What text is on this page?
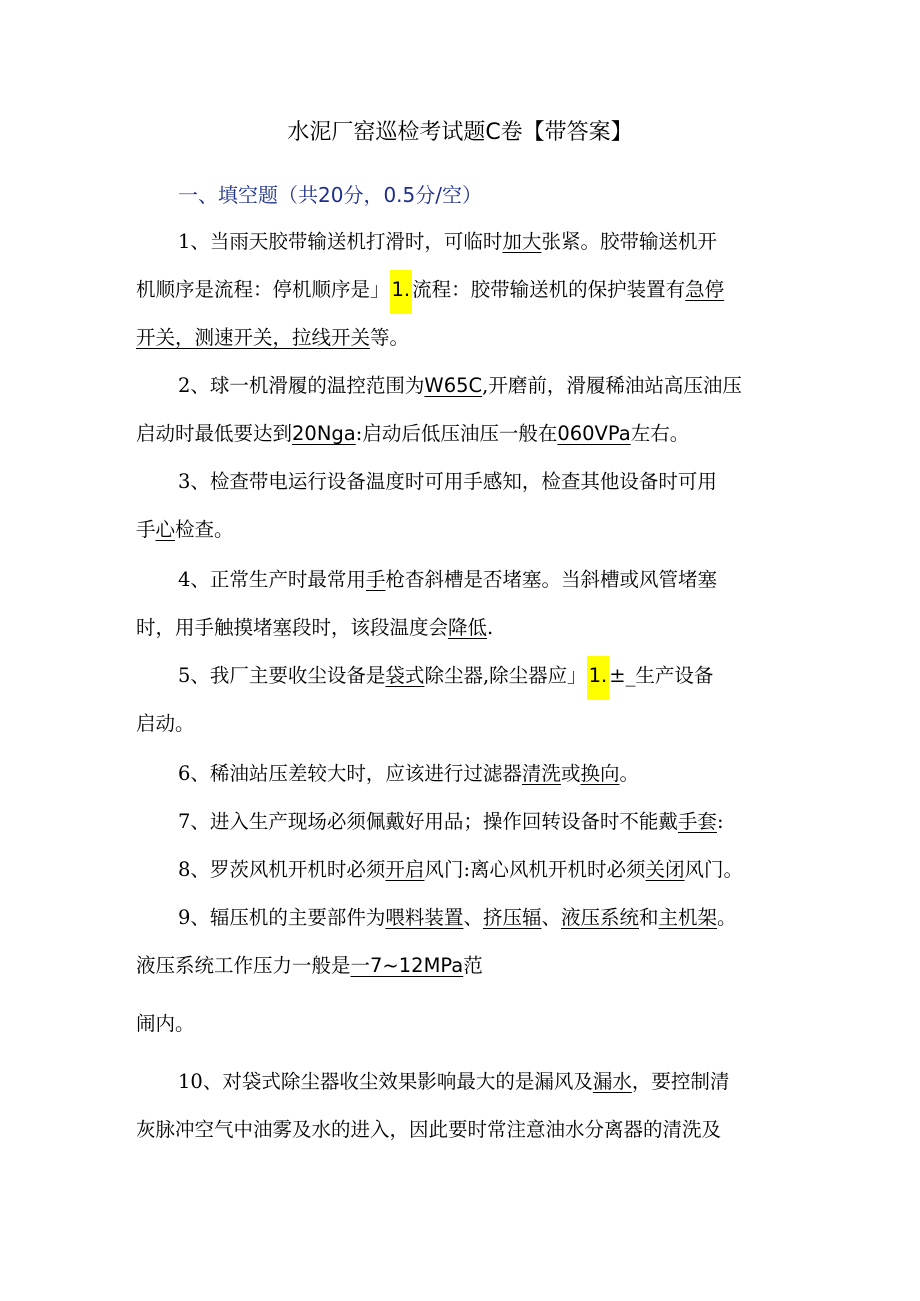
水泥厂窑巡检考试题C卷【带答案】
一、填空题（共20分，0.5分/空）
1、当雨天胶带输送机打滑时，可临时加大张紧。胶带输送机开
机顺序是流程：停机顺序是」 1. 流程：胶带输送机的保护装置有急停
开关，测速开关，拉线开关等。
2、球一机滑履的温控范围为W65C,开磨前，滑履稀油站高压油压
启动时最低要达到20Nga:启动后低压油压一般在060VPa左右。
3、检查带电运行设备温度时可用手感知，检查其他设备时可用
手心检查。
4、正常生产时最常用手枪杳斜槽是否堵塞。当斜槽或风管堵塞
时，用手触摸堵塞段时，该段温度会降低.
5、我厂主要收尘设备是袋式除尘器,除尘器应」 1. ±_生产设备
启动。
6、稀油站压差较大时，应该进行过滤器清洗或换向。
7、进入生产现场必须佩戴好用品；操作回转设备时不能戴手套:
8、罗茨风机开机时必须开启风门:离心风机开机时必须关闭风门。
9、辐压机的主要部件为喂料装置、挤压辐、液压系统和主机架。
液压系统工作压力一般是一7~12MPa范
闹内。
10、对袋式除尘器收尘效果影响最大的是漏风及漏水，要控制清
灰脉冲空气中油雾及水的进入，因此要时常注意油水分离器的清洗及
